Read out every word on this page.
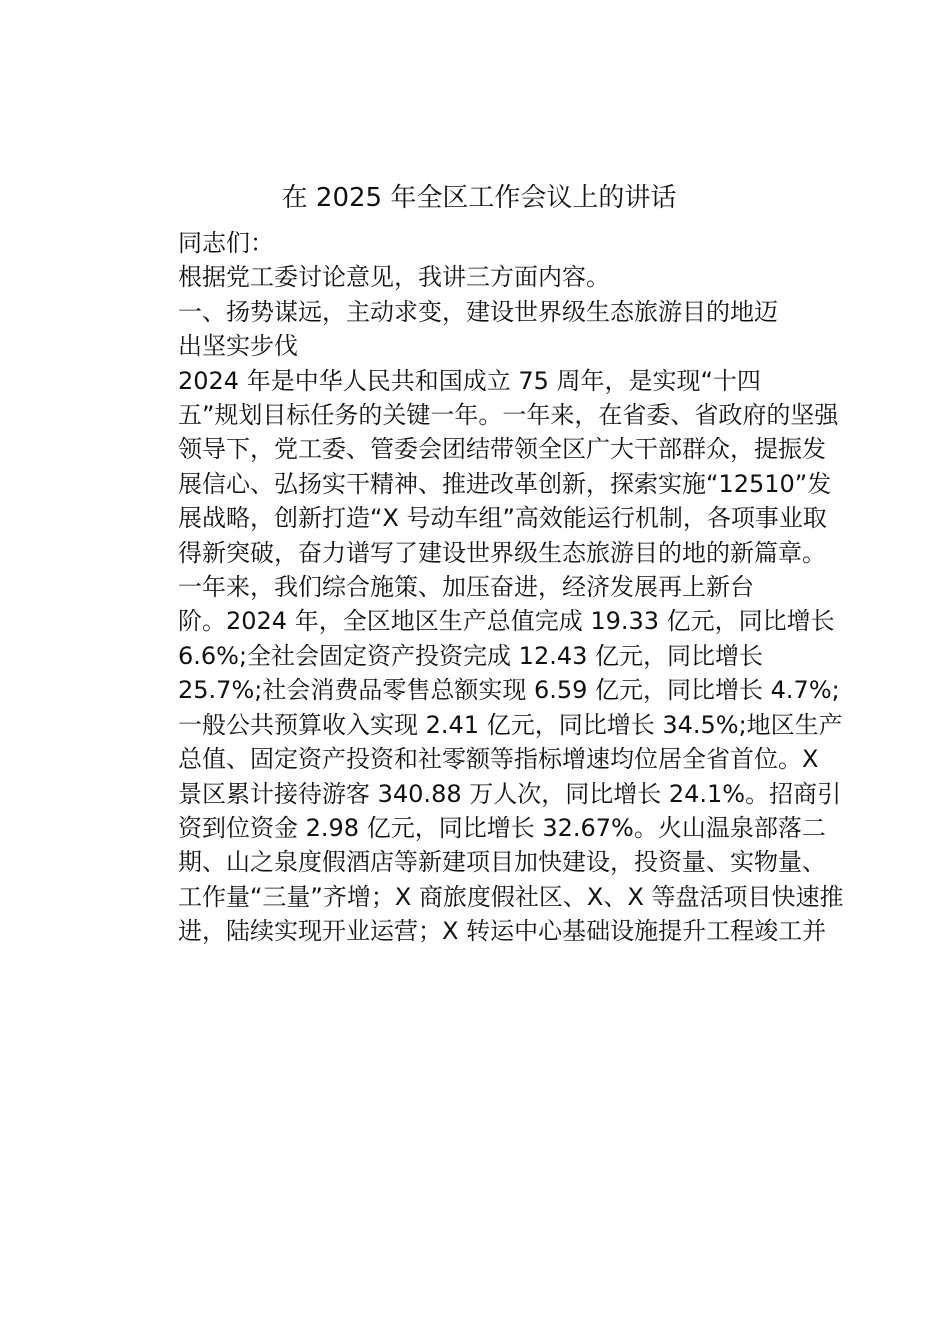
在 2025 年全区工作会议上的讲话

同志们：

根据党工委讨论意见，我讲三方面内容。

一、扬势谋远，主动求变，建设世界级生态旅游目的地迈
出坚实步伐

2024 年是中华人民共和国成立 75 周年，是实现“十四
五”规划目标任务的关键一年。一年来，在省委、省政府的坚强
领导下，党工委、管委会团结带领全区广大干部群众，提振发
展信心、弘扬实干精神、推进改革创新，探索实施“12510”发
展战略，创新打造“X 号动车组”高效能运行机制，各项事业取
得新突破，奋力谱写了建设世界级生态旅游目的地的新篇章。

一年来，我们综合施策、加压奋进，经济发展再上新台
阶。2024 年，全区地区生产总值完成 19.33 亿元，同比增长
6.6%;全社会固定资产投资完成 12.43 亿元，同比增长
25.7%;社会消费品零售总额实现 6.59 亿元，同比增长 4.7%;
一般公共预算收入实现 2.41 亿元，同比增长 34.5%;地区生产
总值、固定资产投资和社零额等指标增速均位居全省首位。X
景区累计接待游客 340.88 万人次，同比增长 24.1%。招商引
资到位资金 2.98 亿元，同比增长 32.67%。火山温泉部落二
期、山之泉度假酒店等新建项目加快建设，投资量、实物量、
工作量“三量”齐增；X 商旅度假社区、X、X 等盘活项目快速推
进，陆续实现开业运营；X 转运中心基础设施提升工程竣工并
